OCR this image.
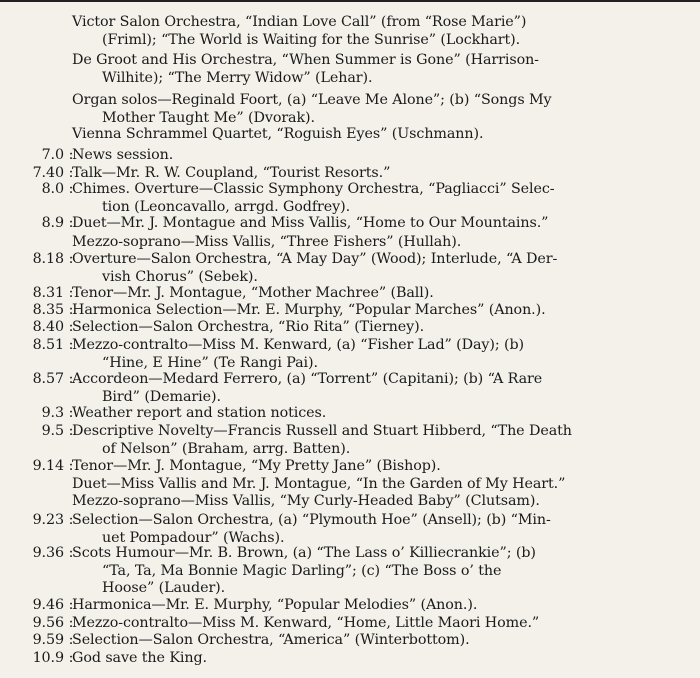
Victor Salon Orchestra, “Indian Love Call” (from “Rose Marie”)
(Friml); “The World is Waiting for the Sunrise” (Lockhart).
De Groot and His Orchestra, “When Summer is Gone” (Harrison-
Wilhite); “The Merry Widow” (Lehar).
Organ solos—Reginald Foort, (a) “Leave Me Alone”; (b) “Songs My
Mother Taught Me” (Dvorak).
Vienna Schrammel Quartet, “Roguish Eyes” (Uschmann).
7.0 :
News session.
7.40 :
Talk—Mr. R. W. Coupland, “Tourist Resorts.”
8.0 :
Chimes. Overture—Classic Symphony Orchestra, “Pagliacci” Selec-
tion (Leoncavallo, arrgd. Godfrey).
8.9 :
Duet—Mr. J. Montague and Miss Vallis, “Home to Our Mountains.”
Mezzo-soprano—Miss Vallis, “Three Fishers” (Hullah).
8.18 :
Overture—Salon Orchestra, “A May Day” (Wood); Interlude, “A Der-
vish Chorus” (Sebek).
8.31 :
Tenor—Mr. J. Montague, “Mother Machree” (Ball).
8.35 :
Harmonica Selection—Mr. E. Murphy, “Popular Marches” (Anon.).
8.40 :
Selection—Salon Orchestra, “Rio Rita” (Tierney).
8.51 :
Mezzo-contralto—Miss M. Kenward, (a) “Fisher Lad” (Day); (b)
“Hine, E Hine” (Te Rangi Pai).
8.57 :
Accordeon—Medard Ferrero, (a) “Torrent” (Capitani); (b) “A Rare
Bird” (Demarie).
9.3 :
Weather report and station notices.
9.5 :
Descriptive Novelty—Francis Russell and Stuart Hibberd, “The Death
of Nelson” (Braham, arrg. Batten).
9.14 :
Tenor—Mr. J. Montague, “My Pretty Jane” (Bishop).
Duet—Miss Vallis and Mr. J. Montague, “In the Garden of My Heart.”
Mezzo-soprano—Miss Vallis, “My Curly-Headed Baby” (Clutsam).
9.23 :
Selection—Salon Orchestra, (a) “Plymouth Hoe” (Ansell); (b) “Min-
uet Pompadour” (Wachs).
9.36 :
Scots Humour—Mr. B. Brown, (a) “The Lass o’ Killiecrankie”; (b)
“Ta, Ta, Ma Bonnie Magic Darling”; (c) “The Boss o’ the
Hoose” (Lauder).
9.46 :
Harmonica—Mr. E. Murphy, “Popular Melodies” (Anon.).
9.56 :
Mezzo-contralto—Miss M. Kenward, “Home, Little Maori Home.”
9.59 :
Selection—Salon Orchestra, “America” (Winterbottom).
10.9 :
God save the King.
